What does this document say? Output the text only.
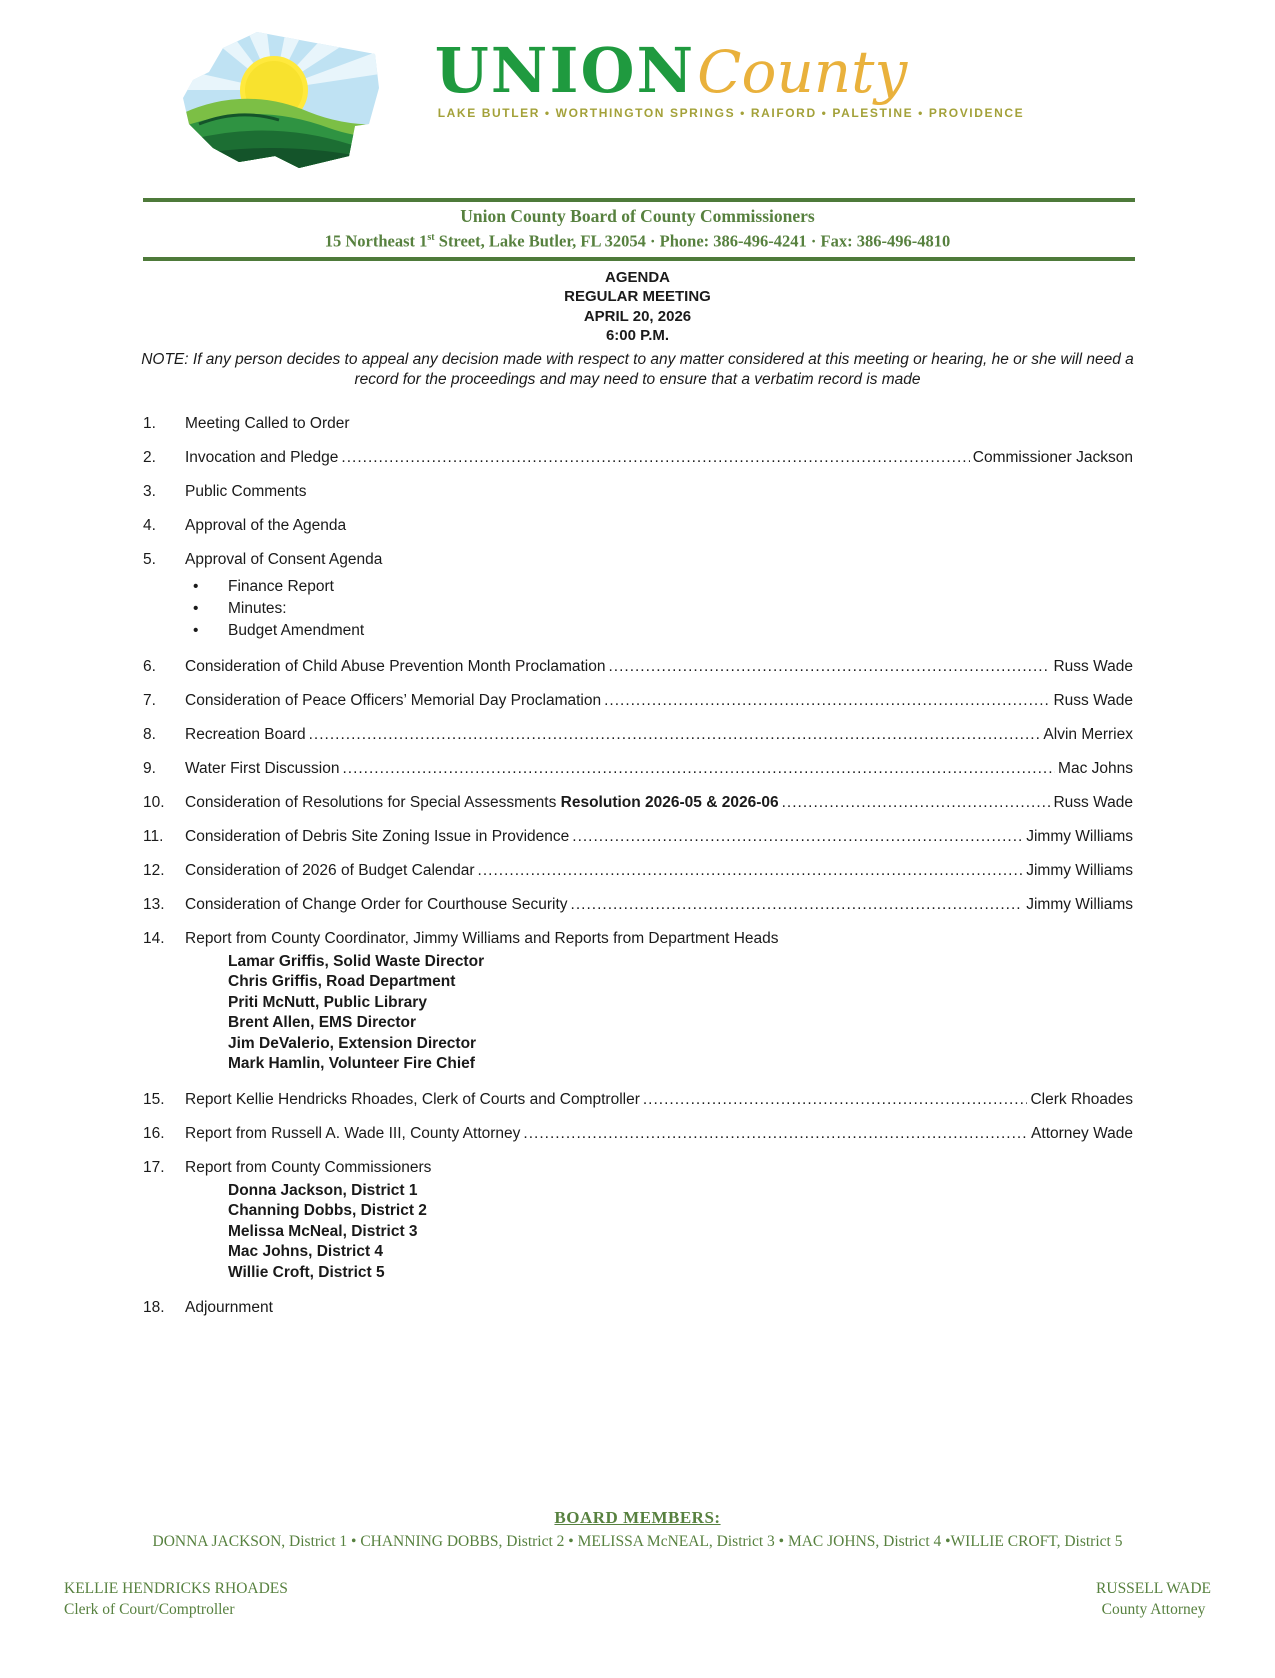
UNION County
LAKE BUTLER • WORTHINGTON SPRINGS • RAIFORD • PALESTINE • PROVIDENCE
Union County Board of County Commissioners
15 Northeast 1st Street, Lake Butler, FL 32054 · Phone: 386-496-4241 · Fax: 386-496-4810
AGENDA
REGULAR MEETING
APRIL 20, 2026
6:00 P.M.
NOTE: If any person decides to appeal any decision made with respect to any matter considered at this meeting or hearing, he or she will need a record for the proceedings and may need to ensure that a verbatim record is made
1.	Meeting Called to Order
2.	Invocation and Pledge .....	Commissioner Jackson
3.	Public Comments
4.	Approval of the Agenda
5.	Approval of Consent Agenda
• Finance Report
• Minutes:
• Budget Amendment
6.	Consideration of Child Abuse Prevention Month Proclamation .....	Russ Wade
7.	Consideration of Peace Officers’ Memorial Day Proclamation .....	Russ Wade
8.	Recreation Board .....	Alvin Merriex
9.	Water First Discussion .....	Mac Johns
10.	Consideration of Resolutions for Special Assessments Resolution 2026-05 & 2026-06 .....	Russ Wade
11.	Consideration of Debris Site Zoning Issue in Providence .....	Jimmy Williams
12.	Consideration of 2026 of Budget Calendar .....	Jimmy Williams
13.	Consideration of Change Order for Courthouse Security .....	Jimmy Williams
14.	Report from County Coordinator, Jimmy Williams and Reports from Department Heads
Lamar Griffis, Solid Waste Director
Chris Griffis, Road Department
Priti McNutt, Public Library
Brent Allen, EMS Director
Jim DeValerio, Extension Director
Mark Hamlin, Volunteer Fire Chief
15.	Report Kellie Hendricks Rhoades, Clerk of Courts and Comptroller .....	Clerk Rhoades
16.	Report from Russell A. Wade III, County Attorney .....	Attorney Wade
17.	Report from County Commissioners
Donna Jackson, District 1
Channing Dobbs, District 2
Melissa McNeal, District 3
Mac Johns, District 4
Willie Croft, District 5
18.	Adjournment
BOARD MEMBERS:
DONNA JACKSON, District 1 • CHANNING DOBBS, District 2 • MELISSA McNEAL, District 3 • MAC JOHNS, District 4 •WILLIE CROFT, District 5
KELLIE HENDRICKS RHOADES
Clerk of Court/Comptroller
RUSSELL WADE
County Attorney
